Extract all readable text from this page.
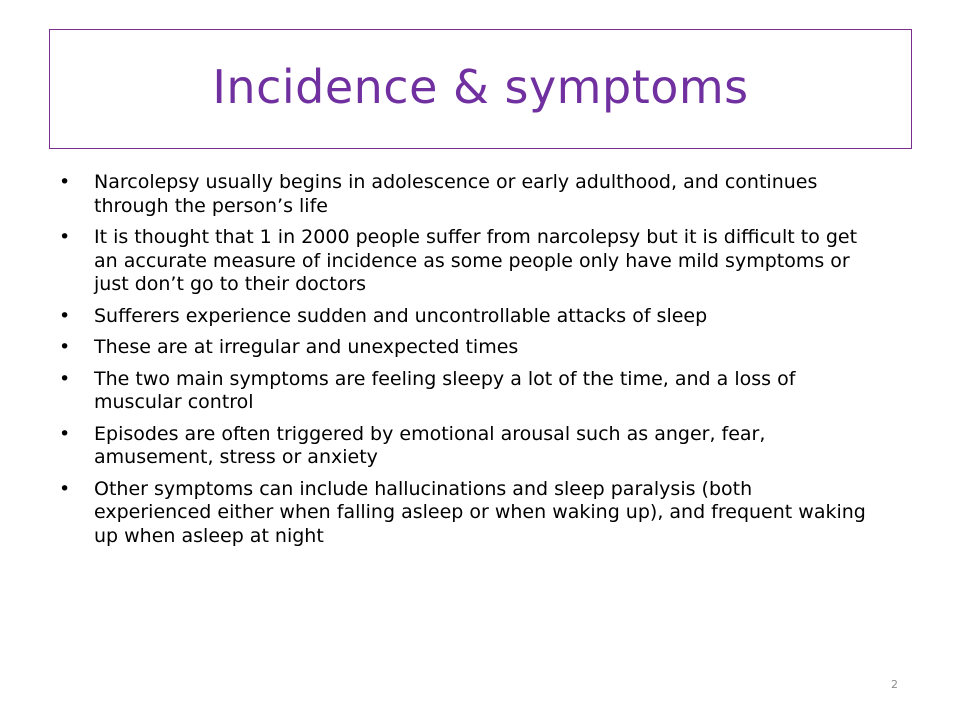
Incidence & symptoms
• Narcolepsy usually begins in adolescence or early adulthood, and continues through the person’s life
• It is thought that 1 in 2000 people suffer from narcolepsy but it is difficult to get an accurate measure of incidence as some people only have mild symptoms or just don’t go to their doctors
• Sufferers experience sudden and uncontrollable attacks of sleep
• These are at irregular and unexpected times
• The two main symptoms are feeling sleepy a lot of the time, and a loss of muscular control
• Episodes are often triggered by emotional arousal such as anger, fear, amusement, stress or anxiety
• Other symptoms can include hallucinations and sleep paralysis (both experienced either when falling asleep or when waking up), and frequent waking up when asleep at night
2
